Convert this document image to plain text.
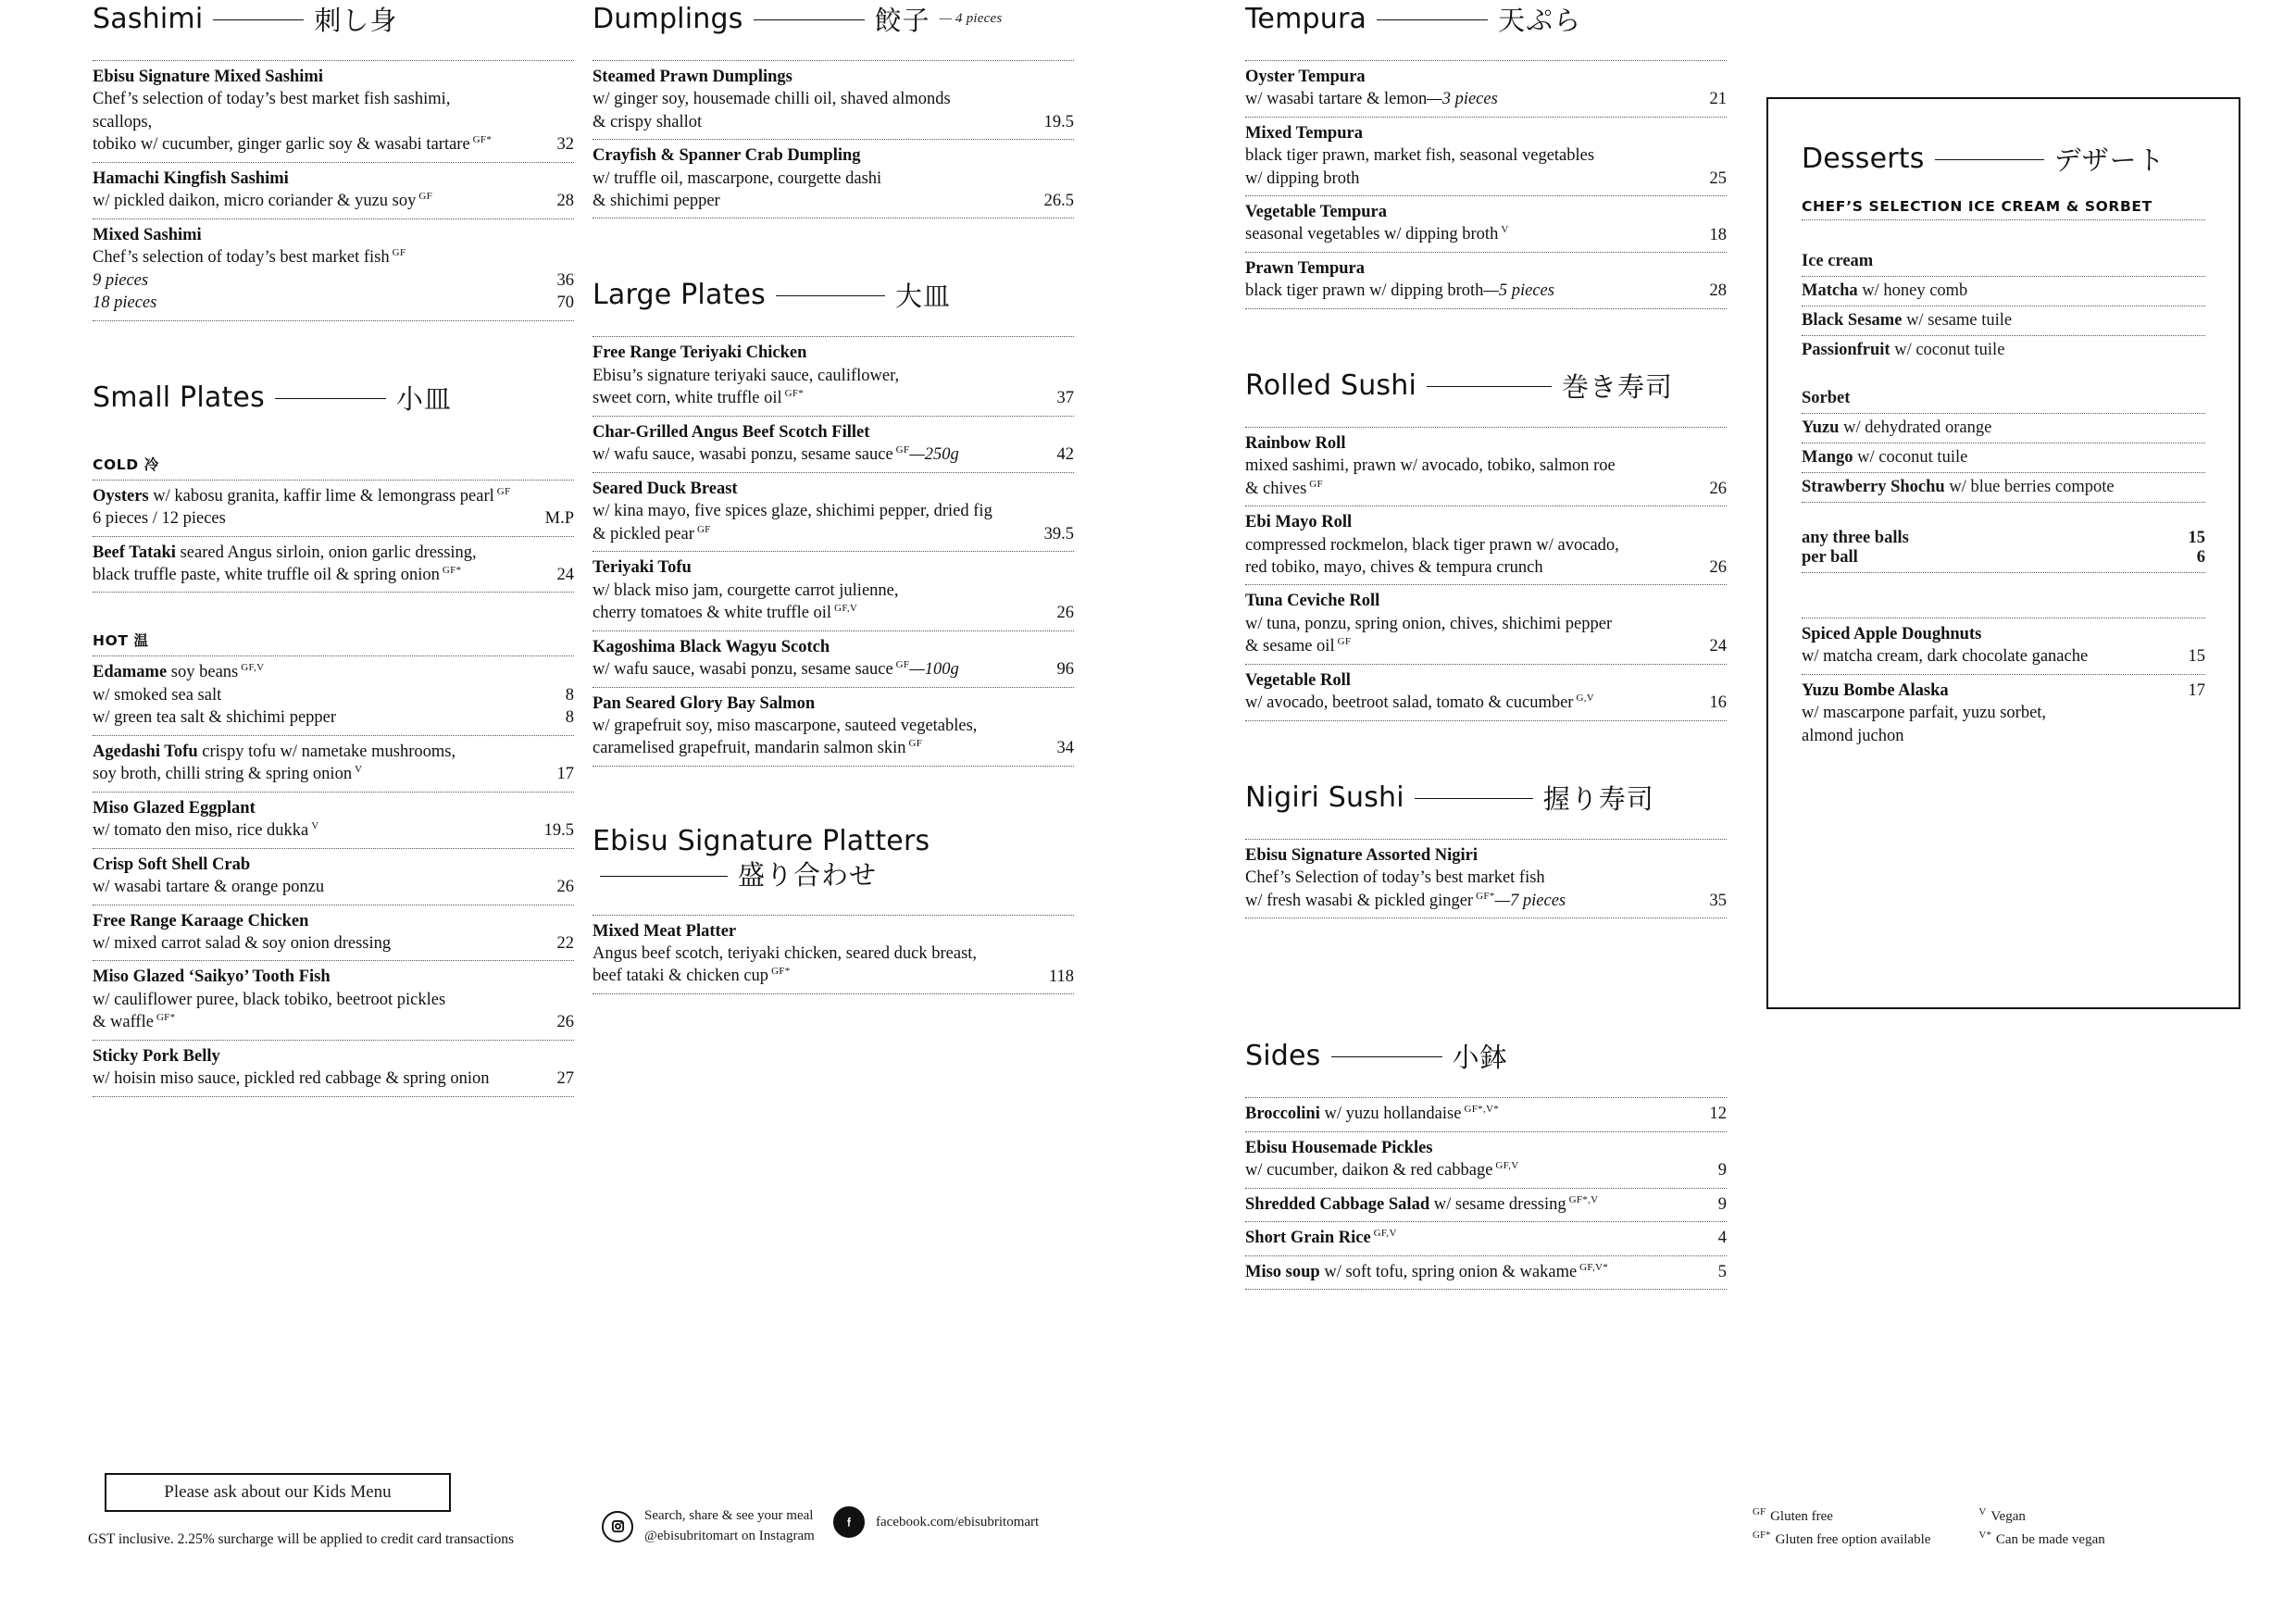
Sashimi	刺し身
Ebisu Signature Mixed Sashimi
Chef’s selection of today’s best market fish sashimi, scallops,
tobiko w/ cucumber, ginger garlic soy & wasabi tartare $^{GF*}$	32
Hamachi Kingfish Sashimi
w/ pickled daikon, micro coriander & yuzu soy $^{GF}$	28
Mixed Sashimi
Chef’s selection of today’s best market fish $^{GF}$
9 pieces	36
18 pieces	70
Small Plates	小皿
COLD 冷
Oysters w/ kabosu granita, kaffir lime & lemongrass pearl $^{GF}$
6 pieces / 12 pieces	M.P
Beef Tataki seared Angus sirloin, onion garlic dressing,
black truffle paste, white truffle oil & spring onion $^{GF*}$	24
HOT 温
Edamame soy beans $^{GF,V}$
w/ smoked sea salt	8
w/ green tea salt & shichimi pepper	8
Agedashi Tofu crispy tofu w/ nametake mushrooms,
soy broth, chilli string & spring onion $^V$	17
Miso Glazed Eggplant
w/ tomato den miso, rice dukka $^V$	19.5
Crisp Soft Shell Crab
w/ wasabi tartare & orange ponzu	26
Free Range Karaage Chicken
w/ mixed carrot salad & soy onion dressing	22
Miso Glazed ‘Saikyo’ Tooth Fish
w/ cauliflower puree, black tobiko, beetroot pickles
& waffle $^{GF*}$	26
Sticky Pork Belly
w/ hoisin miso sauce, pickled red cabbage & spring onion	27
Dumplings	餃子 — 4 pieces
Steamed Prawn Dumplings
w/ ginger soy, housemade chilli oil, shaved almonds
& crispy shallot	19.5
Crayfish & Spanner Crab Dumpling
w/ truffle oil, mascarpone, courgette dashi
& shichimi pepper	26.5
Large Plates	大皿
Free Range Teriyaki Chicken
Ebisu’s signature teriyaki sauce, cauliflower,
sweet corn, white truffle oil $^{GF*}$	37
Char-Grilled Angus Beef Scotch Fillet
w/ wafu sauce, wasabi ponzu, sesame sauce $^{GF}$—250g	42
Seared Duck Breast
w/ kina mayo, five spices glaze, shichimi pepper, dried fig
& pickled pear $^{GF}$	39.5
Teriyaki Tofu
w/ black miso jam, courgette carrot julienne,
cherry tomatoes & white truffle oil $^{GF,V}$	26
Kagoshima Black Wagyu Scotch
w/ wafu sauce, wasabi ponzu, sesame sauce $^{GF}$—100g	96
Pan Seared Glory Bay Salmon
w/ grapefruit soy, miso mascarpone, sauteed vegetables,
caramelised grapefruit, mandarin salmon skin $^{GF}$	34
Ebisu Signature Platters
盛り合わせ
Mixed Meat Platter
Angus beef scotch, teriyaki chicken, seared duck breast,
beef tataki & chicken cup $^{GF*}$	118
Tempura	天ぷら
Oyster Tempura
w/ wasabi tartare & lemon—3 pieces	21
Mixed Tempura
black tiger prawn, market fish, seasonal vegetables
w/ dipping broth	25
Vegetable Tempura
seasonal vegetables w/ dipping broth $^V$	18
Prawn Tempura
black tiger prawn w/ dipping broth—5 pieces	28
Rolled Sushi	巻き寿司
Rainbow Roll
mixed sashimi, prawn w/ avocado, tobiko, salmon roe
& chives $^{GF}$	26
Ebi Mayo Roll
compressed rockmelon, black tiger prawn w/ avocado,
red tobiko, mayo, chives & tempura crunch	26
Tuna Ceviche Roll
w/ tuna, ponzu, spring onion, chives, shichimi pepper
& sesame oil $^{GF}$	24
Vegetable Roll
w/ avocado, beetroot salad, tomato & cucumber $^{G,V}$	16
Nigiri Sushi	握り寿司
Ebisu Signature Assorted Nigiri
Chef’s Selection of today’s best market fish
w/ fresh wasabi & pickled ginger $^{GF*}$—7 pieces	35
Sides	小鉢
Broccolini w/ yuzu hollandaise $^{GF*,V*}$	12
Ebisu Housemade Pickles
w/ cucumber, daikon & red cabbage $^{GF,V}$	9
Shredded Cabbage Salad w/ sesame dressing $^{GF*,V}$	9
Short Grain Rice $^{GF,V}$	4
Miso soup w/ soft tofu, spring onion & wakame $^{GF,V*}$	5
Desserts	デザート
CHEF’S SELECTION ICE CREAM & SORBET
Ice cream
Matcha w/ honey comb
Black Sesame w/ sesame tuile
Passionfruit w/ coconut tuile
Sorbet
Yuzu w/ dehydrated orange
Mango w/ coconut tuile
Strawberry Shochu w/ blue berries compote
any three balls	15
per ball	6
Spiced Apple Doughnuts
w/ matcha cream, dark chocolate ganache	15
Yuzu Bombe Alaska	17
w/ mascarpone parfait, yuzu sorbet,
almond juchon
Please ask about our Kids Menu
GST inclusive. 2.25% surcharge will be applied to credit card transactions
Search, share & see your meal
@ebisubritomart on Instagram
facebook.com/ebisubritomart
$^{GF}$ Gluten free
$^{GF*}$ Gluten free option available
$^V$ Vegan
$^{V*}$ Can be made vegan
